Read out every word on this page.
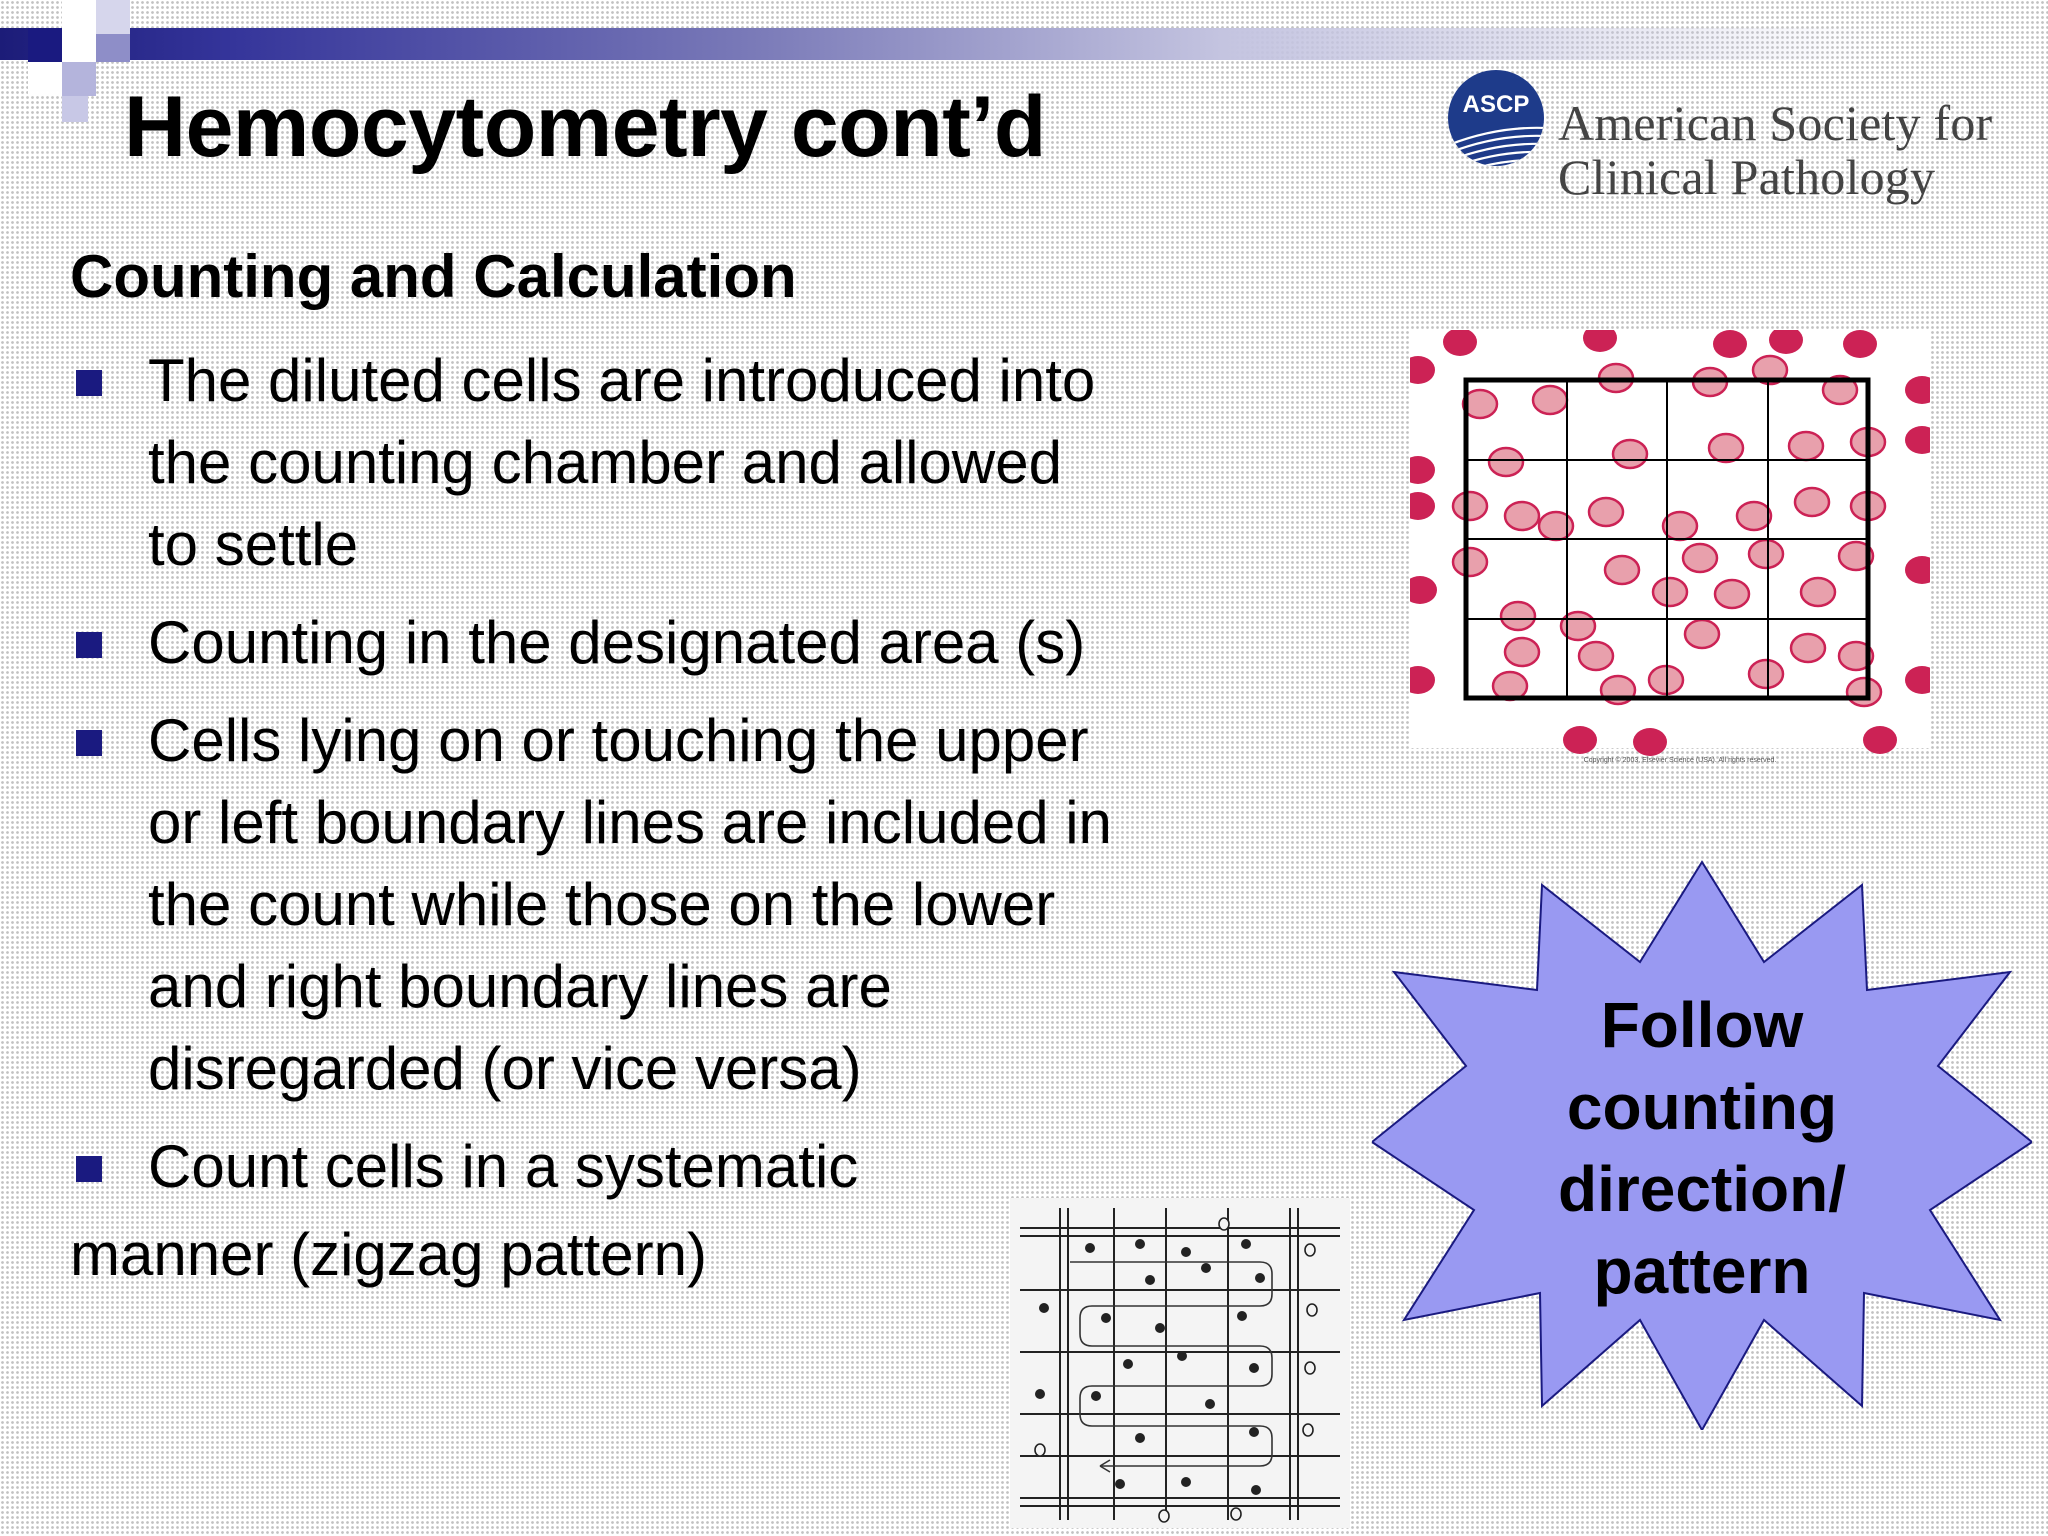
Hemocytometry cont’d	ASCP American Society for
Clinical Pathology
Counting and Calculation
The diluted cells are introduced into
the counting chamber and allowed
to settle
Counting in the designated area (s)
Cells lying on or touching the upper
or left boundary lines are included in
the count while those on the lower
and right boundary lines are
disregarded (or vice versa)
Count cells in a systematic

manner (zigzag pattern)

Copyright © 2003, Elsevier Science (USA). All rights reserved.
Follow
counting
direction/
pattern
